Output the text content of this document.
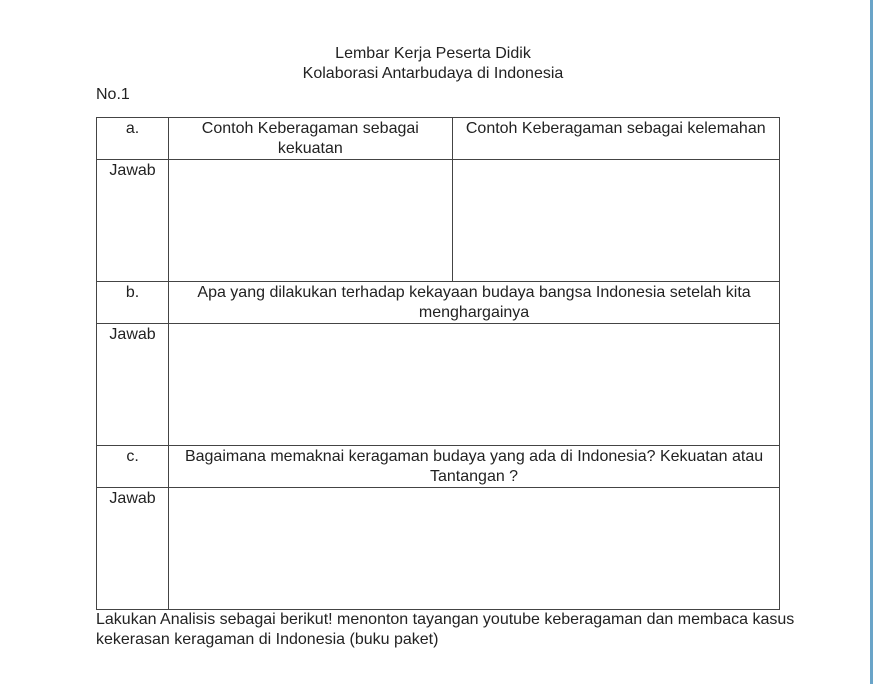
Lembar Kerja Peserta Didik
Kolaborasi Antarbudaya di Indonesia
No.1
a.	Contoh Keberagaman sebagai kekuatan	Contoh Keberagaman sebagai kelemahan

Jawab		

b.	Apa yang dilakukan terhadap kekayaan budaya bangsa Indonesia setelah kita menghargainya	

Jawab		

c.	Bagaimana memaknai keragaman budaya yang ada di Indonesia? Kekuatan atau Tantangan ?	

Jawab		

Lakukan Analisis sebagai berikut! menonton tayangan youtube keberagaman dan membaca kasus kekerasan keragaman di Indonesia (buku paket)
